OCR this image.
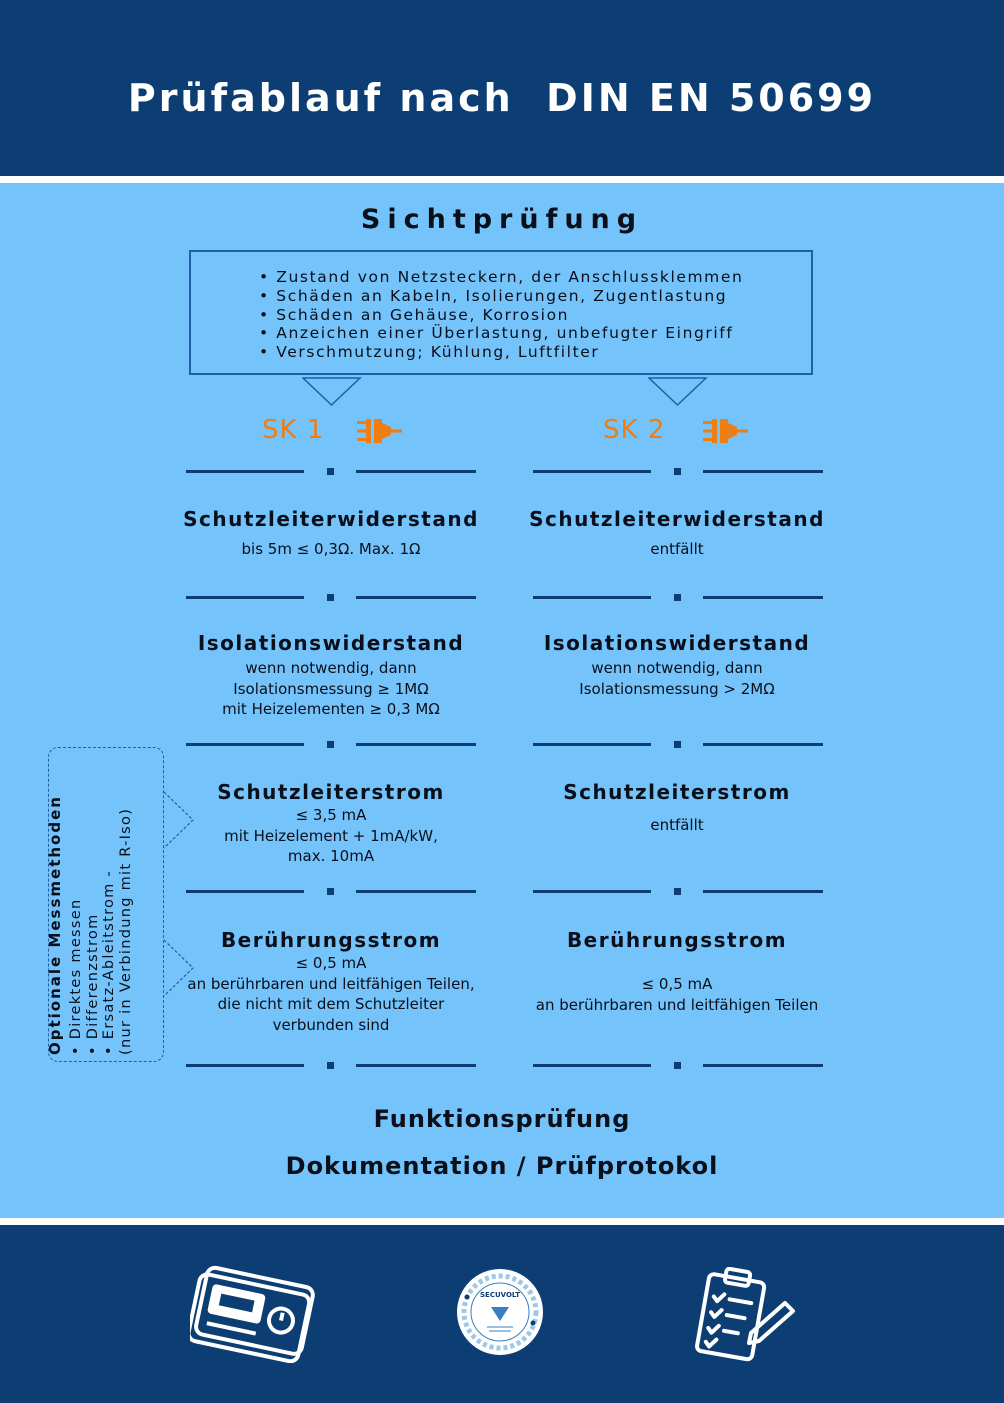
Prüfablauf nach  DIN EN 50699
Sichtprüfung
• Zustand von Netzsteckern, der Anschlussklemmen
• Schäden an Kabeln, Isolierungen, Zugentlastung
• Schäden an Gehäuse, Korrosion
• Anzeichen einer Überlastung, unbefugter Eingriff
• Verschmutzung; Kühlung, Luftfilter
SK 1	SK 2
Schutzleiterwiderstand
bis 5m ≤ 0,3Ω. Max. 1Ω
Isolationswiderstand
wenn notwendig, dann
Isolationsmessung ≥ 1MΩ
mit Heizelementen ≥ 0,3 MΩ
Schutzleiterstrom
≤ 3,5 mA
mit Heizelement + 1mA/kW,
max. 10mA
Berührungsstrom
≤ 0,5 mA
an berührbaren und leitfähigen Teilen,
die nicht mit dem Schutzleiter
verbunden sind
Schutzleiterwiderstand
entfällt
Isolationswiderstand
wenn notwendig, dann
Isolationsmessung > 2MΩ
Schutzleiterstrom
entfällt
Berührungsstrom
≤ 0,5 mA
an berührbaren und leitfähigen Teilen
Optionale Messmethoden • Direktes messen • Differenzstrom • Ersatz-Ableitstrom - (nur in Verbindung mit R-Iso)
Funktionsprüfung
Dokumentation / Prüfprotokol
SECUVOLT
